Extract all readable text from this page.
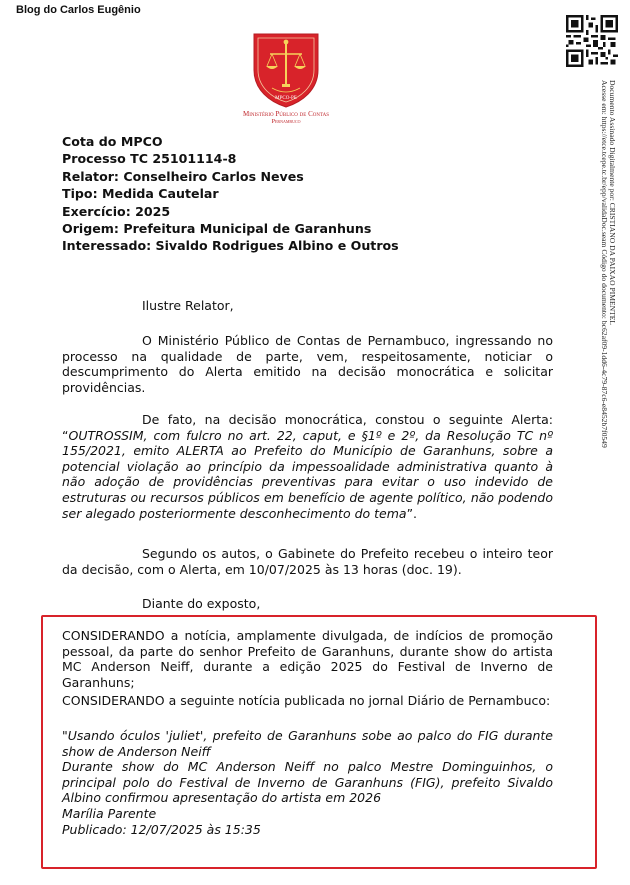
Blog do Carlos Eugênio
Documento Assinado Digitalmente por: CRISTIANO DA PAIXAO PIMENTEL
Acesse em: https://etce.tcepe.tc.br/epp/validaDoc.seam Código do documento: bc62af09-1dd6-4c79-87c6-e8452b7f0549
MPCO-PE
Ministério Público de Contas
Pernambuco
Cota do MPCO
Processo TC 25101114-8
Relator: Conselheiro Carlos Neves
Tipo: Medida Cautelar
Exercício: 2025
Origem: Prefeitura Municipal de Garanhuns
Interessado: Sivaldo Rodrigues Albino e Outros
Ilustre Relator,
O Ministério Público de Contas de Pernambuco, ingressando no processo na qualidade de parte, vem, respeitosamente, noticiar o descumprimento do Alerta emitido na decisão monocrática e solicitar providências.
De fato, na decisão monocrática, constou o seguinte Alerta: “OUTROSSIM, com fulcro no art. 22, caput, e §1º e 2º, da Resolução TC nº 155/2021, emito ALERTA ao Prefeito do Município de Garanhuns, sobre a potencial violação ao princípio da impessoalidade administrativa quanto à não adoção de providências preventivas para evitar o uso indevido de estruturas ou recursos públicos em benefício de agente político, não podendo ser alegado posteriormente desconhecimento do tema”.
Segundo os autos, o Gabinete do Prefeito recebeu o inteiro teor da decisão, com o Alerta, em 10/07/2025 às 13 horas (doc. 19).
Diante do exposto,
CONSIDERANDO a notícia, amplamente divulgada, de indícios de promoção pessoal, da parte do senhor Prefeito de Garanhuns, durante show do artista MC Anderson Neiff, durante a edição 2025 do Festival de Inverno de Garanhuns;
CONSIDERANDO a seguinte notícia publicada no jornal Diário de Pernambuco:
"Usando óculos 'juliet', prefeito de Garanhuns sobe ao palco do FIG durante show de Anderson Neiff
Durante show do MC Anderson Neiff no palco Mestre Dominguinhos, o principal polo do Festival de Inverno de Garanhuns (FIG), prefeito Sivaldo Albino confirmou apresentação do artista em 2026
Marília Parente
Publicado: 12/07/2025 às 15:35
